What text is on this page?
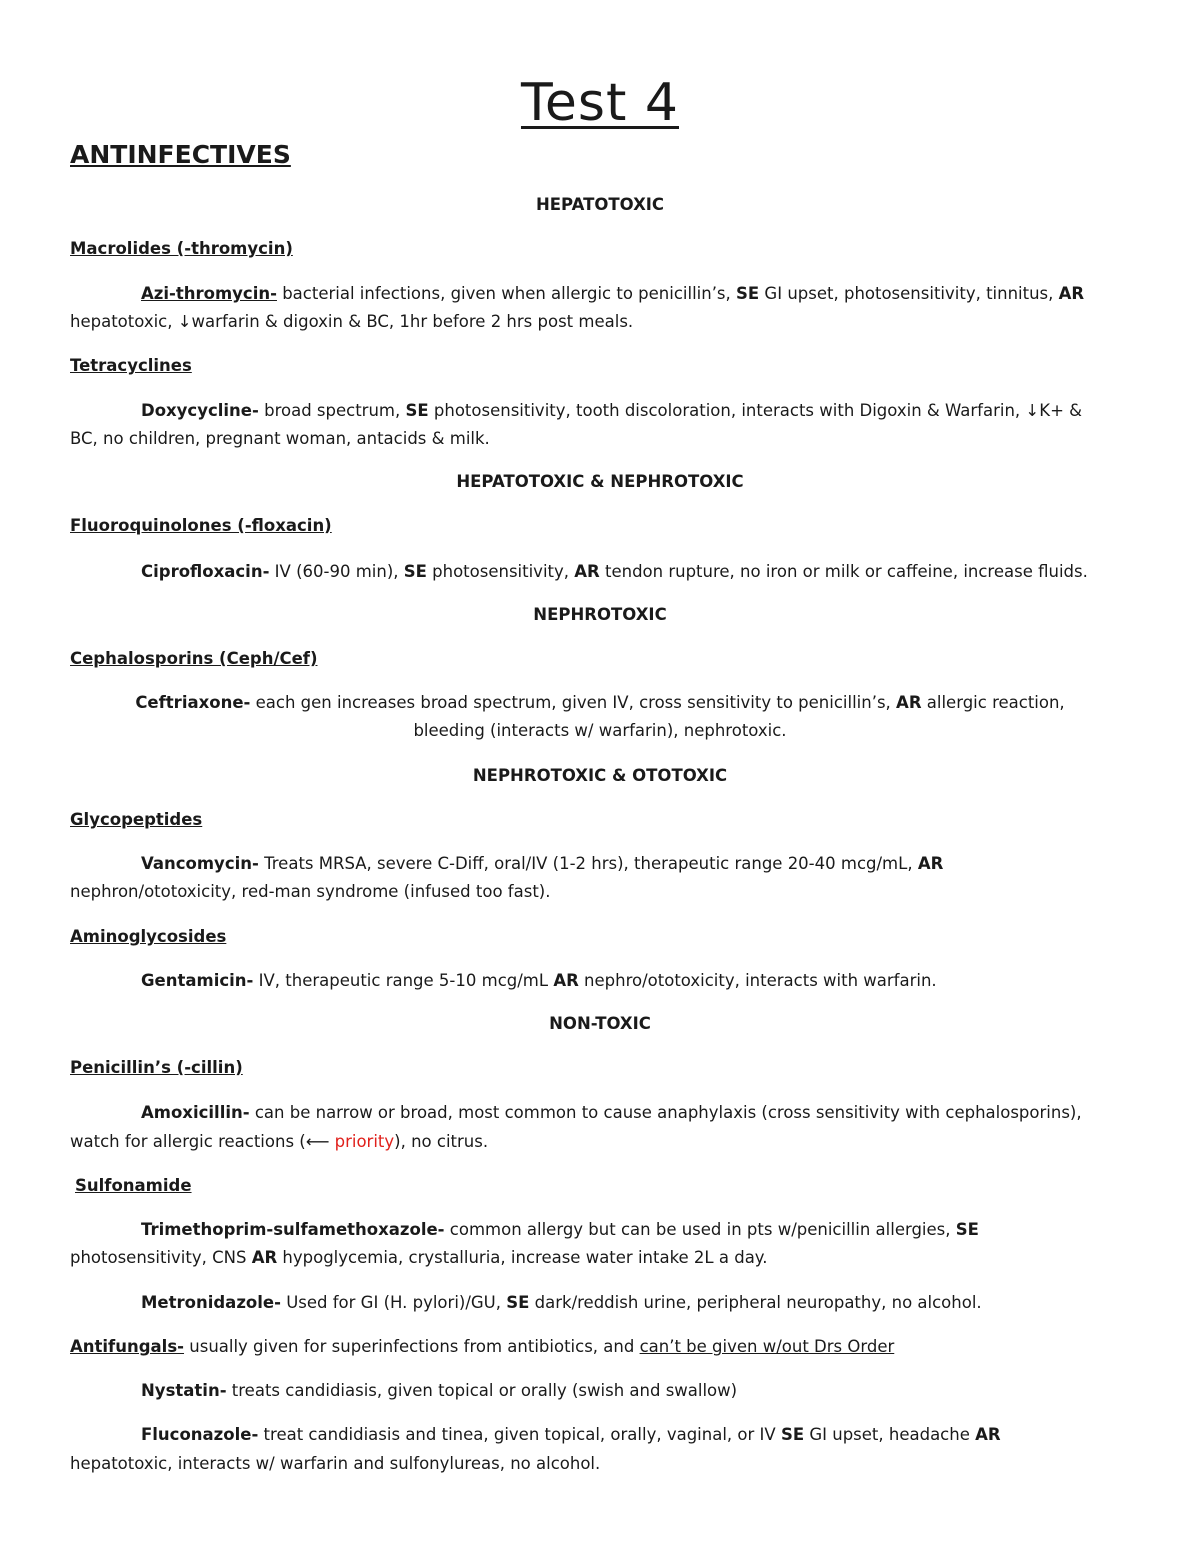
Test 4
ANTINFECTIVES
HEPATOTOXIC
Macrolides (-thromycin)
Azi-thromycin- bacterial infections, given when allergic to penicillin’s, SE GI upset, photosensitivity, tinnitus, AR
hepatotoxic, ↓warfarin & digoxin & BC, 1hr before 2 hrs post meals.
Tetracyclines
Doxycycline- broad spectrum, SE photosensitivity, tooth discoloration, interacts with Digoxin & Warfarin, ↓K+ &
BC, no children, pregnant woman, antacids & milk.
HEPATOTOXIC & NEPHROTOXIC
Fluoroquinolones (-floxacin)
Ciprofloxacin- IV (60-90 min), SE photosensitivity, AR tendon rupture, no iron or milk or caffeine, increase fluids.
NEPHROTOXIC
Cephalosporins (Ceph/Cef)
Ceftriaxone- each gen increases broad spectrum, given IV, cross sensitivity to penicillin’s, AR allergic reaction,
bleeding (interacts w/ warfarin), nephrotoxic.
NEPHROTOXIC & OTOTOXIC
Glycopeptides
Vancomycin- Treats MRSA, severe C-Diff, oral/IV (1-2 hrs), therapeutic range 20-40 mcg/mL, AR
nephron/ototoxicity, red-man syndrome (infused too fast).
Aminoglycosides
Gentamicin- IV, therapeutic range 5-10 mcg/mL AR nephro/ototoxicity, interacts with warfarin.
NON-TOXIC
Penicillin’s (-cillin)
Amoxicillin- can be narrow or broad, most common to cause anaphylaxis (cross sensitivity with cephalosporins),
watch for allergic reactions (⟵ priority), no citrus.
Sulfonamide
Trimethoprim-sulfamethoxazole- common allergy but can be used in pts w/penicillin allergies, SE
photosensitivity, CNS AR hypoglycemia, crystalluria, increase water intake 2L a day.
Metronidazole- Used for GI (H. pylori)/GU, SE dark/reddish urine, peripheral neuropathy, no alcohol.
Antifungals- usually given for superinfections from antibiotics, and can’t be given w/out Drs Order
Nystatin- treats candidiasis, given topical or orally (swish and swallow)
Fluconazole- treat candidiasis and tinea, given topical, orally, vaginal, or IV SE GI upset, headache AR
hepatotoxic, interacts w/ warfarin and sulfonylureas, no alcohol.
